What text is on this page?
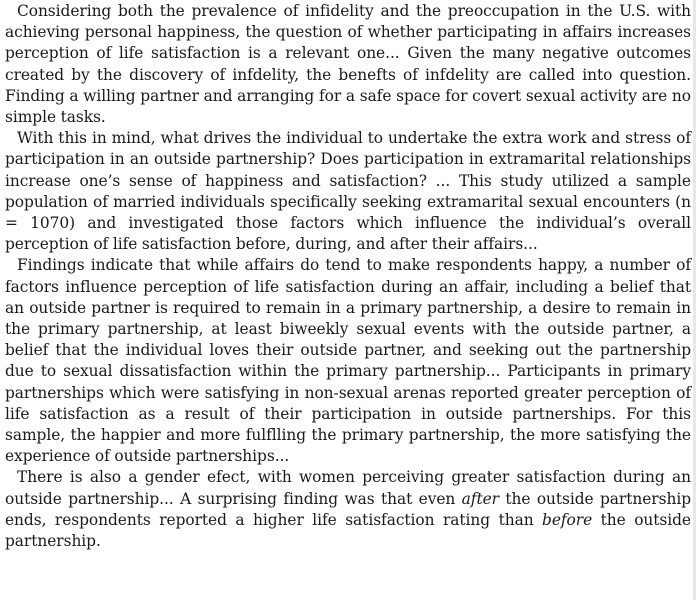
Considering both the prevalence of infidelity and the preoccupation in the U.S. with achieving personal happiness, the question of whether participating in affairs increases perception of life satisfaction is a relevant one... Given the many negative outcomes created by the discovery of infdelity, the benefts of infdelity are called into question. Finding a willing partner and arranging for a safe space for covert sexual activity are no simple tasks.

With this in mind, what drives the individual to undertake the extra work and stress of participation in an outside partnership? Does participation in extramarital relationships increase one’s sense of happiness and satisfaction? ... This study utilized a sample population of married individuals specifically seeking extramarital sexual encounters (n = 1070) and investigated those factors which influence the individual’s overall perception of life satisfaction before, during, and after their affairs...

Findings indicate that while affairs do tend to make respondents happy, a number of factors influence perception of life satisfaction during an affair, including a belief that an outside partner is required to remain in a primary partnership, a desire to remain in the primary partnership, at least biweekly sexual events with the outside partner, a belief that the individual loves their outside partner, and seeking out the partnership due to sexual dissatisfaction within the primary partnership... Participants in primary partnerships which were satisfying in non-sexual arenas reported greater perception of life satisfaction as a result of their participation in outside partnerships. For this sample, the happier and more fulflling the primary partnership, the more satisfying the experience of outside partnerships...

There is also a gender efect, with women perceiving greater satisfaction during an outside partnership... A surprising finding was that even after the outside partnership ends, respondents reported a higher life satisfaction rating than before the outside partnership.
